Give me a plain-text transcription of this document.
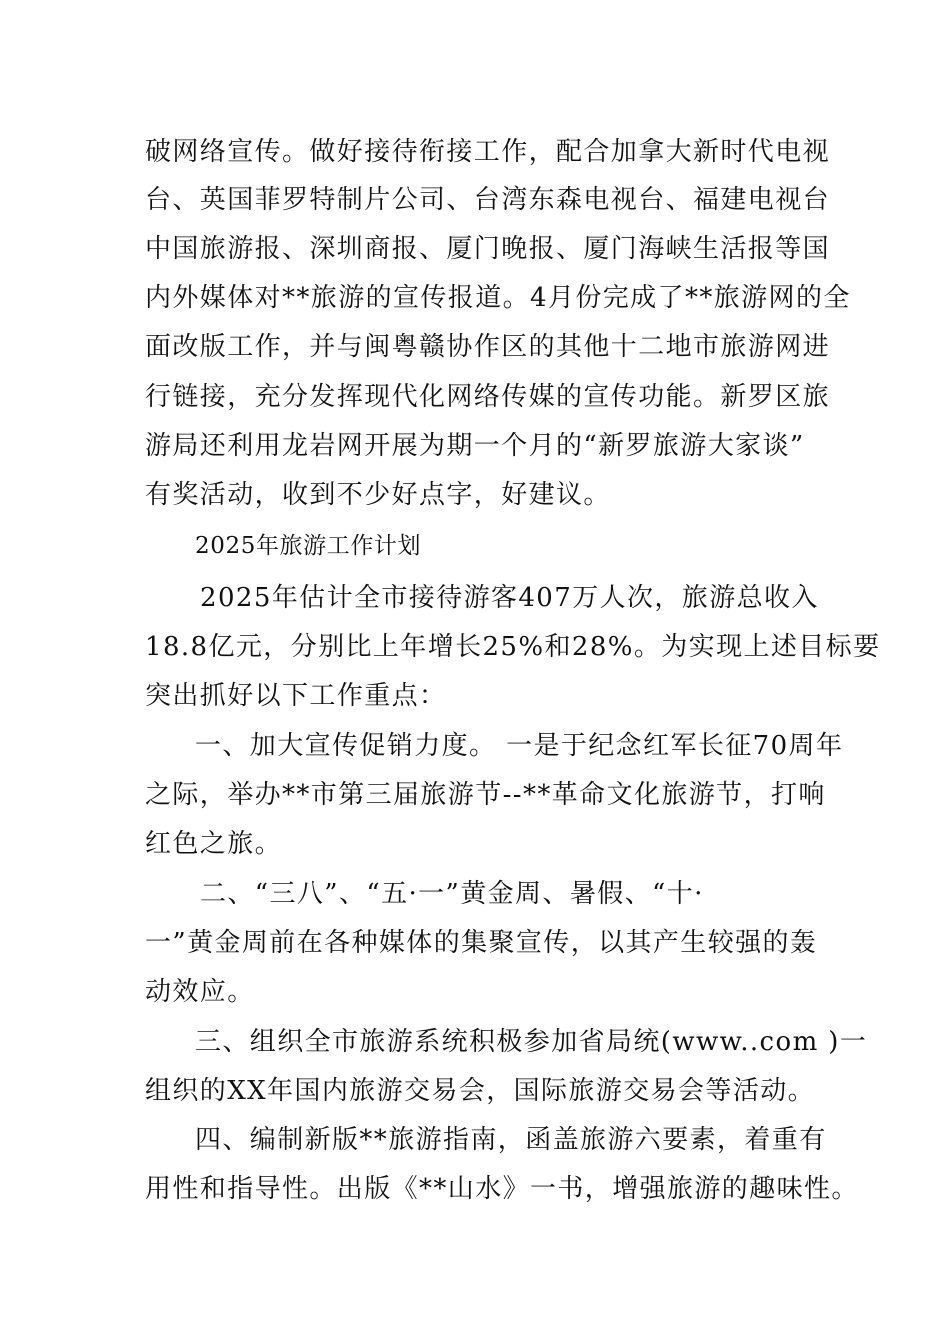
破网络宣传。做好接待衔接工作，配合加拿大新时代电视
台、英国菲罗特制片公司、台湾东森电视台、福建电视台
中国旅游报、深圳商报、厦门晚报、厦门海峡生活报等国
内外媒体对**旅游的宣传报道。4月份完成了**旅游网的全
面改版工作，并与闽粤赣协作区的其他十二地市旅游网进
行链接，充分发挥现代化网络传媒的宣传功能。新罗区旅
游局还利用龙岩网开展为期一个月的“新罗旅游大家谈”
有奖活动，收到不少好点字，好建议。
2025年旅游工作计划
2025年估计全市接待游客407万人次，旅游总收入
18.8亿元，分别比上年增长25%和28%。为实现上述目标要
突出抓好以下工作重点：
一、加大宣传促销力度。 一是于纪念红军长征70周年
之际，举办**市第三届旅游节--**革命文化旅游节，打响
红色之旅。
二、“三八”、“五·一”黄金周、暑假、“十·
一”黄金周前在各种媒体的集聚宣传，以其产生较强的轰
动效应。
三、组织全市旅游系统积极参加省局统(www..com )一
组织的XX年国内旅游交易会，国际旅游交易会等活动。
四、编制新版**旅游指南，函盖旅游六要素，着重有
用性和指导性。出版《**山水》一书，增强旅游的趣味性。
